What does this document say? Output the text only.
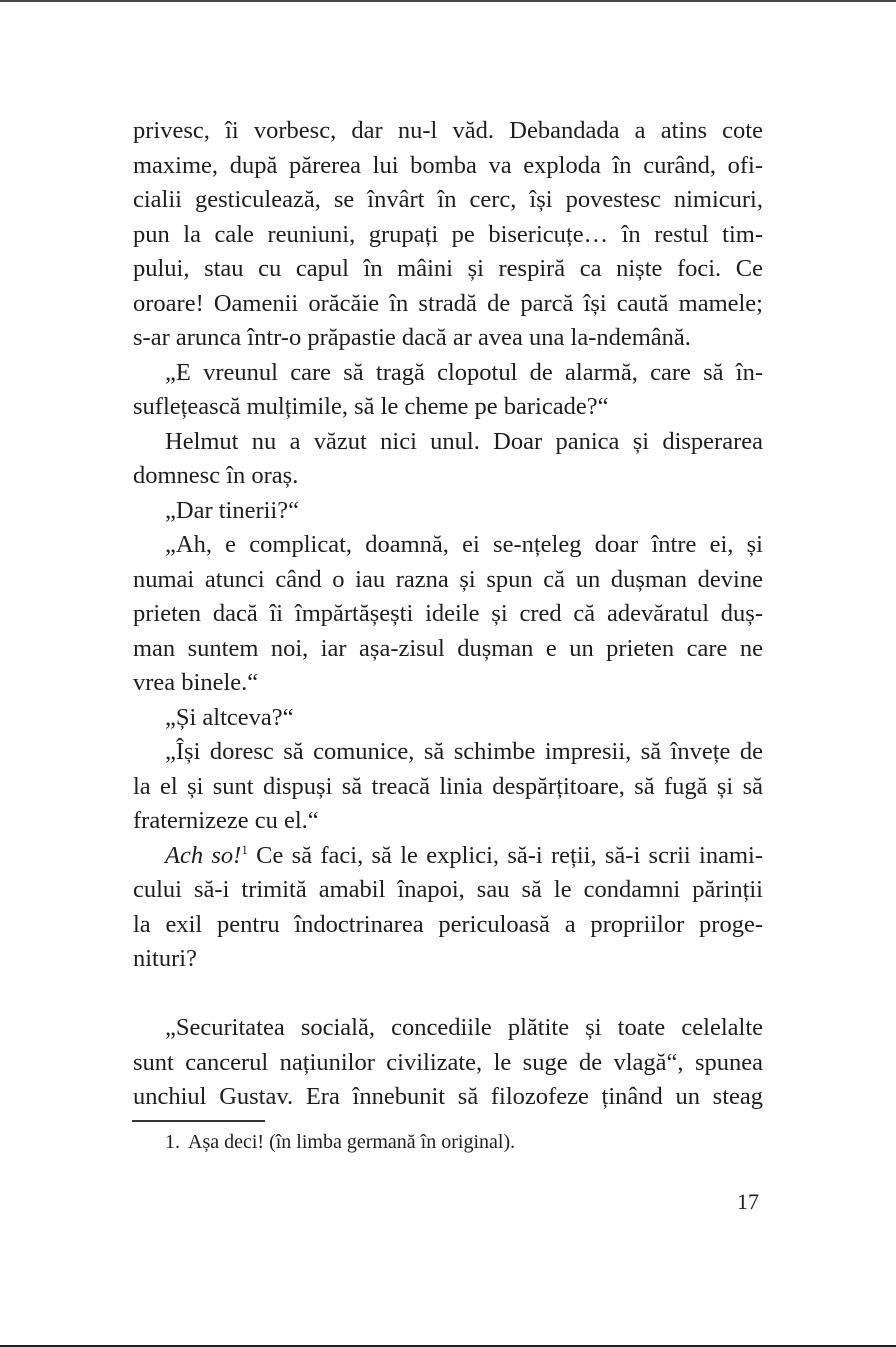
privesc, îi vorbesc, dar nu-l văd. Debandada a atins cote
maxime, după părerea lui bomba va exploda în curând, ofi-
cialii gesticulează, se învârt în cerc, își povestesc nimicuri,
pun la cale reuniuni, grupați pe bisericuțe… în restul tim-
pului, stau cu capul în mâini și respiră ca niște foci. Ce
oroare! Oamenii orăcăie în stradă de parcă își caută mamele;
s-ar arunca într-o prăpastie dacă ar avea una la-ndemână.
„E vreunul care să tragă clopotul de alarmă, care să în-
suflețească mulțimile, să le cheme pe baricade?“
Helmut nu a văzut nici unul. Doar panica și disperarea
domnesc în oraș.
„Dar tinerii?“
„Ah, e complicat, doamnă, ei se-nțeleg doar între ei, și
numai atunci când o iau razna și spun că un dușman devine
prieten dacă îi împărtășești ideile și cred că adevăratul duș-
man suntem noi, iar așa-zisul dușman e un prieten care ne
vrea binele.“
„Și altceva?“
„Își doresc să comunice, să schimbe impresii, să învețe de
la el și sunt dispuși să treacă linia despărțitoare, să fugă și să
fraternizeze cu el.“
Ach so!$^1$ Ce să faci, să le explici, să-i reții, să-i scrii inami-
cului să-i trimită amabil înapoi, sau să le condamni părinții
la exil pentru îndoctrinarea periculoasă a propriilor proge-
nituri?

„Securitatea socială, concediile plătite și toate celelalte
sunt cancerul națiunilor civilizate, le suge de vlagă“, spunea
unchiul Gustav. Era înnebunit să filozofeze ținând un steag
1. Așa deci! (în limba germană în original).
17
